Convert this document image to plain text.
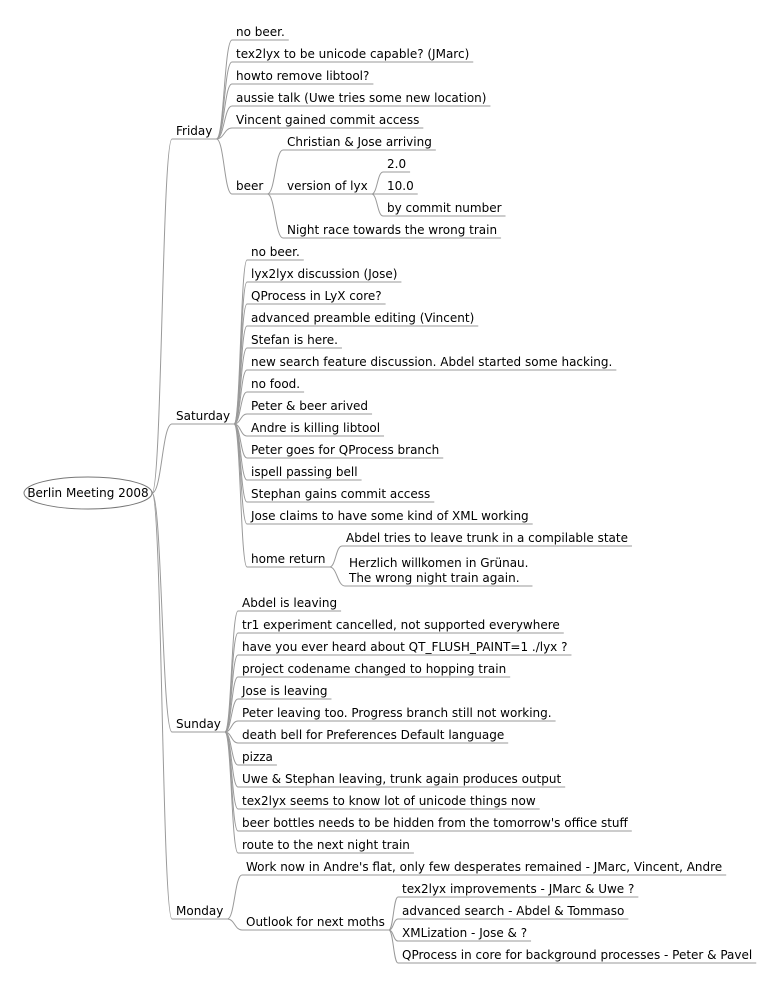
Berlin Meeting 2008
Friday
no beer.
tex2lyx to be unicode capable? (JMarc)
howto remove libtool?
aussie talk (Uwe tries some new location)
Vincent gained commit access
beer
Christian & Jose arriving
version of lyx
2.0
10.0
by commit number
Night race towards the wrong train
Saturday
no beer.
lyx2lyx discussion (Jose)
QProcess in LyX core?
advanced preamble editing (Vincent)
Stefan is here.
new search feature discussion. Abdel started some hacking.
no food.
Peter & beer arived
Andre is killing libtool
Peter goes for QProcess branch
ispell passing bell
Stephan gains commit access
Jose claims to have some kind of XML working
home return
Abdel tries to leave trunk in a compilable state
Herzlich willkomen in Grünau.
The wrong night train again.
Sunday
Abdel is leaving
tr1 experiment cancelled, not supported everywhere
have you ever heard about QT_FLUSH_PAINT=1 ./lyx ?
project codename changed to hopping train
Jose is leaving
Peter leaving too. Progress branch still not working.
death bell for Preferences Default language
pizza
Uwe & Stephan leaving, trunk again produces output
tex2lyx seems to know lot of unicode things now
beer bottles needs to be hidden from the tomorrow's office stuff
route to the next night train
Monday
Work now in Andre's flat, only few desperates remained - JMarc, Vincent, Andre
Outlook for next moths
tex2lyx improvements - JMarc & Uwe ?
advanced search - Abdel & Tommaso
XMLization - Jose & ?
QProcess in core for background processes - Peter & Pavel
